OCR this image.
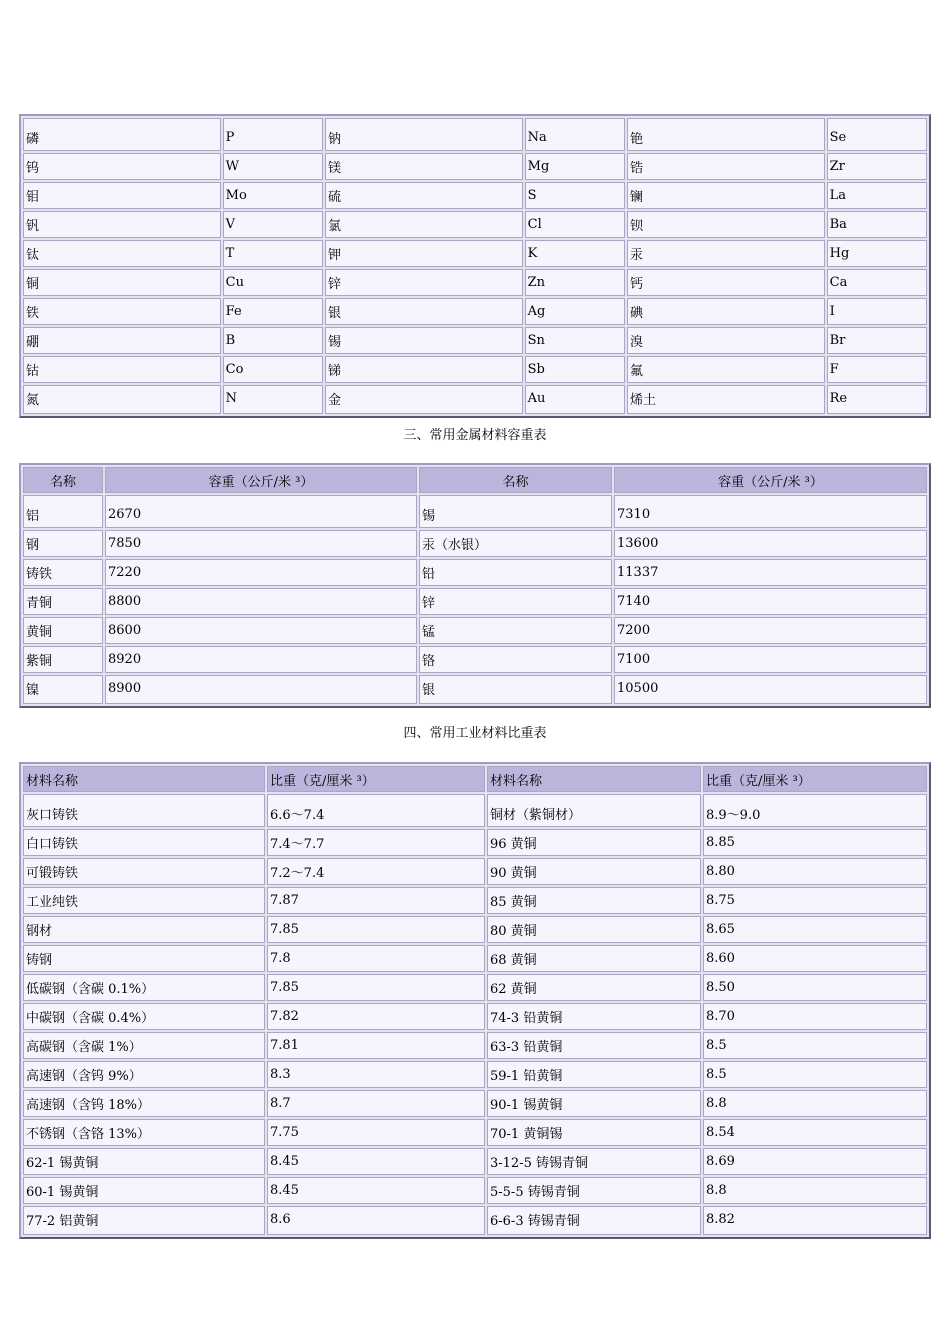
磷	P	钠	Na	铯	Se
钨	W	镁	Mg	锆	Zr
钼	Mo	硫	S	镧	La
钒	V	氯	Cl	钡	Ba
钛	T	钾	K	汞	Hg
铜	Cu	锌	Zn	钙	Ca
铁	Fe	银	Ag	碘	I
硼	B	锡	Sn	溴	Br
钴	Co	锑	Sb	氟	F
氮	N	金	Au	烯土	Re
三、常用金属材料容重表
名称	容重（公斤/米 ³）	名称	容重（公斤/米 ³）
铝	2670	锡	7310
钢	7850	汞（水银）	13600
铸铁	7220	铅	11337
青铜	8800	锌	7140
黄铜	8600	锰	7200
紫铜	8920	铬	7100
镍	8900	银	10500
四、常用工业材料比重表
材料名称	比重（克/厘米 ³）	材料名称	比重（克/厘米 ³）
灰口铸铁	6.6～7.4	铜材（紫铜材）	8.9～9.0
白口铸铁	7.4～7.7	96 黄铜	8.85
可锻铸铁	7.2～7.4	90 黄铜	8.80
工业纯铁	7.87	85 黄铜	8.75
钢材	7.85	80 黄铜	8.65
铸钢	7.8	68 黄铜	8.60
低碳钢（含碳 0.1%）	7.85	62 黄铜	8.50
中碳钢（含碳 0.4%）	7.82	74-3 铅黄铜	8.70
高碳钢（含碳 1%）	7.81	63-3 铅黄铜	8.5
高速钢（含钨 9%）	8.3	59-1 铅黄铜	8.5
高速钢（含钨 18%）	8.7	90-1 锡黄铜	8.8
不锈钢（含铬 13%）	7.75	70-1 黄铜锡	8.54
62-1 锡黄铜	8.45	3-12-5 铸锡青铜	8.69
60-1 锡黄铜	8.45	5-5-5 铸锡青铜	8.8
77-2 铝黄铜	8.6	6-6-3 铸锡青铜	8.82
